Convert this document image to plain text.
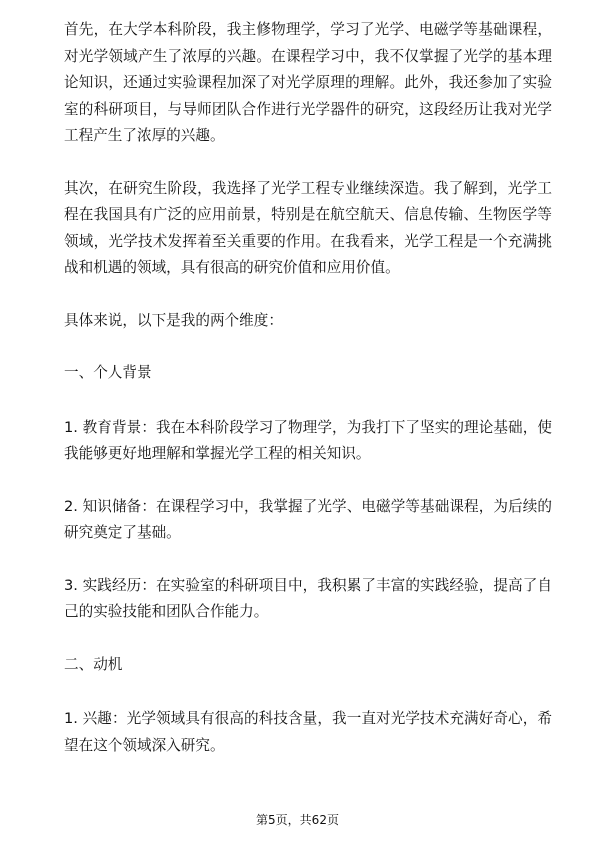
首先，在大学本科阶段，我主修物理学，学习了光学、电磁学等基础课程，对光学领域产生了浓厚的兴趣。在课程学习中，我不仅掌握了光学的基本理论知识，还通过实验课程加深了对光学原理的理解。此外，我还参加了实验室的科研项目，与导师团队合作进行光学器件的研究，这段经历让我对光学工程产生了浓厚的兴趣。

其次，在研究生阶段，我选择了光学工程专业继续深造。我了解到，光学工程在我国具有广泛的应用前景，特别是在航空航天、信息传输、生物医学等领域，光学技术发挥着至关重要的作用。在我看来，光学工程是一个充满挑战和机遇的领域，具有很高的研究价值和应用价值。

具体来说，以下是我的两个维度：

一、个人背景

1. 教育背景：我在本科阶段学习了物理学，为我打下了坚实的理论基础，使我能够更好地理解和掌握光学工程的相关知识。

2. 知识储备：在课程学习中，我掌握了光学、电磁学等基础课程，为后续的研究奠定了基础。

3. 实践经历：在实验室的科研项目中，我积累了丰富的实践经验，提高了自己的实验技能和团队合作能力。

二、动机

1. 兴趣：光学领域具有很高的科技含量，我一直对光学技术充满好奇心，希望在这个领域深入研究。

第5页，共62页
